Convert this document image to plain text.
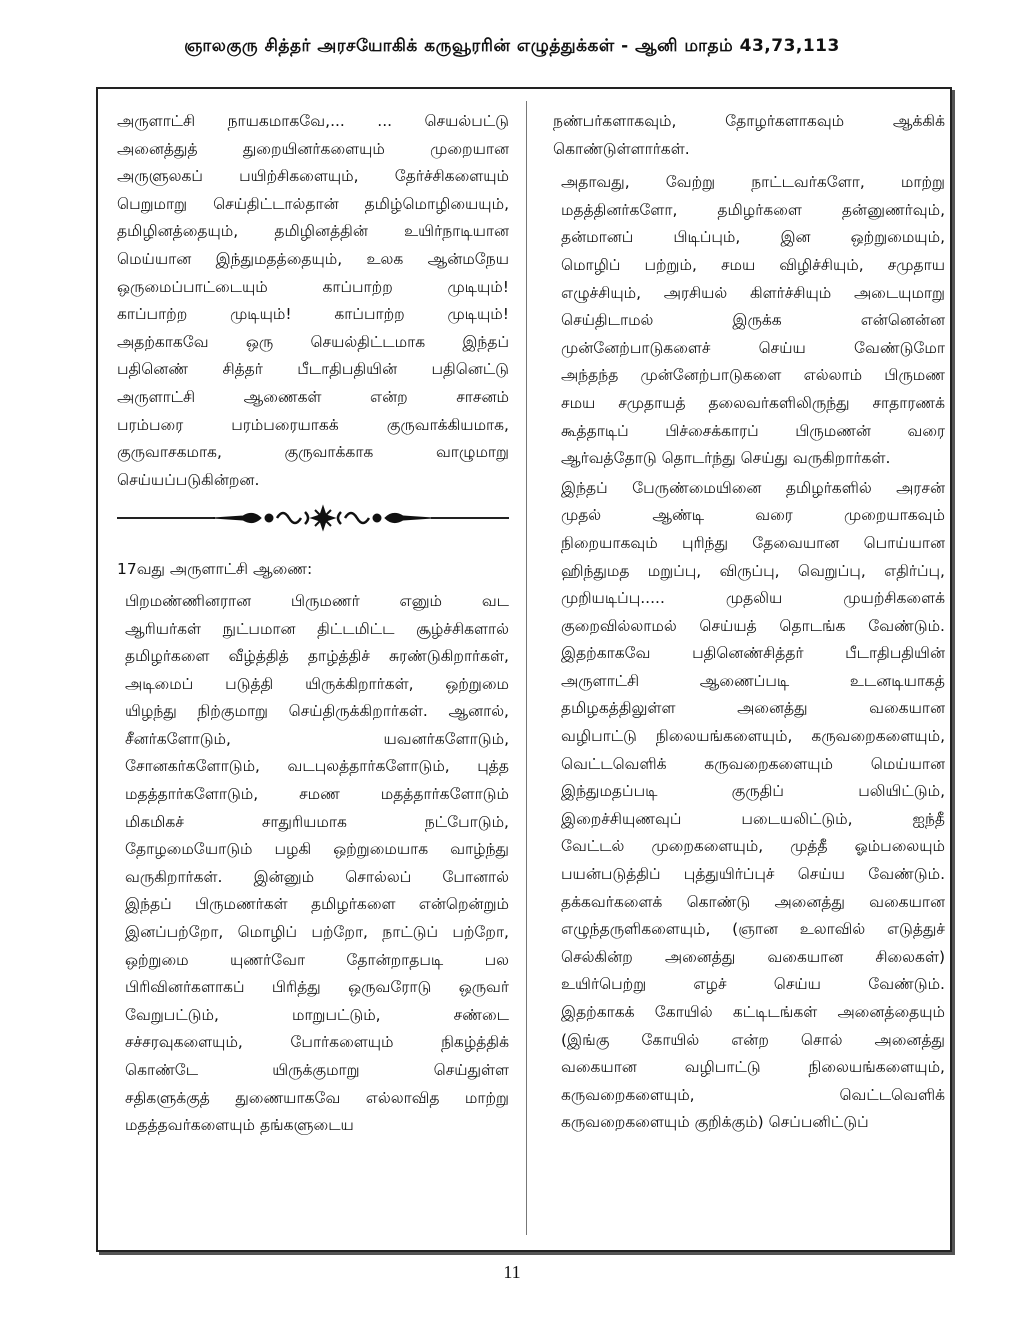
ஞாலகுரு சித்தர் அரசயோகிக் கருவூரரின் எழுத்துக்கள் - ஆனி மாதம் 43,73,113
அருளாட்சி நாயகமாகவே,... ... செயல்பட்டு
அனைத்துத் துறையினர்களையும் முறையான
அருளுலகப் பயிற்சிகளையும், தேர்ச்சிகளையும்
பெறுமாறு செய்திட்டால்தான் தமிழ்மொழியையும்,
தமிழினத்தையும், தமிழினத்தின் உயிர்நாடியான
மெய்யான இந்துமதத்தையும், உலக ஆன்மநேய
ஒருமைப்பாட்டையும் காப்பாற்ற முடியும்!
காப்பாற்ற முடியும்! காப்பாற்ற முடியும்!
அதற்காகவே ஒரு செயல்திட்டமாக இந்தப்
பதினெண் சித்தர் பீடாதிபதியின் பதினெட்டு
அருளாட்சி ஆணைகள் என்ற சாசனம்
பரம்பரை பரம்பரையாகக் குருவாக்கியமாக,
குருவாசகமாக, குருவாக்காக வாழுமாறு
செய்யப்படுகின்றன.
17வது அருளாட்சி ஆணை:
பிறமண்ணினரான பிருமணர் எனும் வட
ஆரியர்கள் நுட்பமான திட்டமிட்ட சூழ்ச்சிகளால்
தமிழர்களை வீழ்த்தித் தாழ்த்திச் சுரண்டுகிறார்கள்,
அடிமைப் படுத்தி யிருக்கிறார்கள், ஒற்றுமை
யிழந்து நிற்குமாறு செய்திருக்கிறார்கள். ஆனால்,
சீனர்களோடும், யவனர்களோடும்,
சோனகர்களோடும், வடபுலத்தார்களோடும், புத்த
மதத்தார்களோடும், சமண மதத்தார்களோடும்
மிகமிகச் சாதுரியமாக நட்போடும்,
தோழமையோடும் பழகி ஒற்றுமையாக வாழ்ந்து
வருகிறார்கள். இன்னும் சொல்லப் போனால்
இந்தப் பிருமணர்கள் தமிழர்களை என்றென்றும்
இனப்பற்றோ, மொழிப் பற்றோ, நாட்டுப் பற்றோ,
ஒற்றுமை யுணர்வோ தோன்றாதபடி பல
பிரிவினர்களாகப் பிரித்து ஒருவரோடு ஒருவர்
வேறுபட்டும், மாறுபட்டும், சண்டை
சச்சரவுகளையும், போர்களையும் நிகழ்த்திக்
கொண்டே யிருக்குமாறு செய்துள்ள
சதிகளுக்குத் துணையாகவே எல்லாவித மாற்று
மதத்தவர்களையும் தங்களுடைய
நண்பர்களாகவும், தோழர்களாகவும் ஆக்கிக்
கொண்டுள்ளார்கள்.
அதாவது, வேற்று நாட்டவர்களோ, மாற்று
மதத்தினர்களோ, தமிழர்களை தன்னுணர்வும்,
தன்மானப் பிடிப்பும், இன ஒற்றுமையும்,
மொழிப் பற்றும், சமய விழிச்சியும், சமுதாய
எழுச்சியும், அரசியல் கிளர்ச்சியும் அடையுமாறு
செய்திடாமல் இருக்க என்னென்ன
முன்னேற்பாடுகளைச் செய்ய வேண்டுமோ
அந்தந்த முன்னேற்பாடுகளை எல்லாம் பிருமண
சமய சமுதாயத் தலைவர்களிலிருந்து சாதாரணக்
கூத்தாடிப் பிச்சைக்காரப் பிருமணன் வரை
ஆர்வத்தோடு தொடர்ந்து செய்து வருகிறார்கள்.
இந்தப் பேருண்மையினை தமிழர்களில் அரசன்
முதல் ஆண்டி வரை முறையாகவும்
நிறையாகவும் புரிந்து தேவையான பொய்யான
ஹிந்துமத மறுப்பு, விருப்பு, வெறுப்பு, எதிர்ப்பு,
முறியடிப்பு..... முதலிய முயற்சிகளைக்
குறைவில்லாமல் செய்யத் தொடங்க வேண்டும்.
இதற்காகவே பதினெண்சித்தர் பீடாதிபதியின்
அருளாட்சி ஆணைப்படி உடனடியாகத்
தமிழகத்திலுள்ள அனைத்து வகையான
வழிபாட்டு நிலையங்களையும், கருவறைகளையும்,
வெட்டவெளிக் கருவறைகளையும் மெய்யான
இந்துமதப்படி குருதிப் பலியிட்டும்,
இறைச்சியுணவுப் படையலிட்டும், ஐந்தீ
வேட்டல் முறைகளையும், முத்தீ ஓம்பலையும்
பயன்படுத்திப் புத்துயிர்ப்புச் செய்ய வேண்டும்.
தக்கவர்களைக் கொண்டு அனைத்து வகையான
எழுந்தருளிகளையும், (ஞான உலாவில் எடுத்துச்
செல்கின்ற அனைத்து வகையான சிலைகள்)
உயிர்பெற்று எழச் செய்ய வேண்டும்.
இதற்காகக் கோயில் கட்டிடங்கள் அனைத்தையும்
(இங்கு கோயில் என்ற சொல் அனைத்து
வகையான வழிபாட்டு நிலையங்களையும்,
கருவறைகளையும், வெட்டவெளிக்
கருவறைகளையும் குறிக்கும்) செப்பனிட்டுப்
11
